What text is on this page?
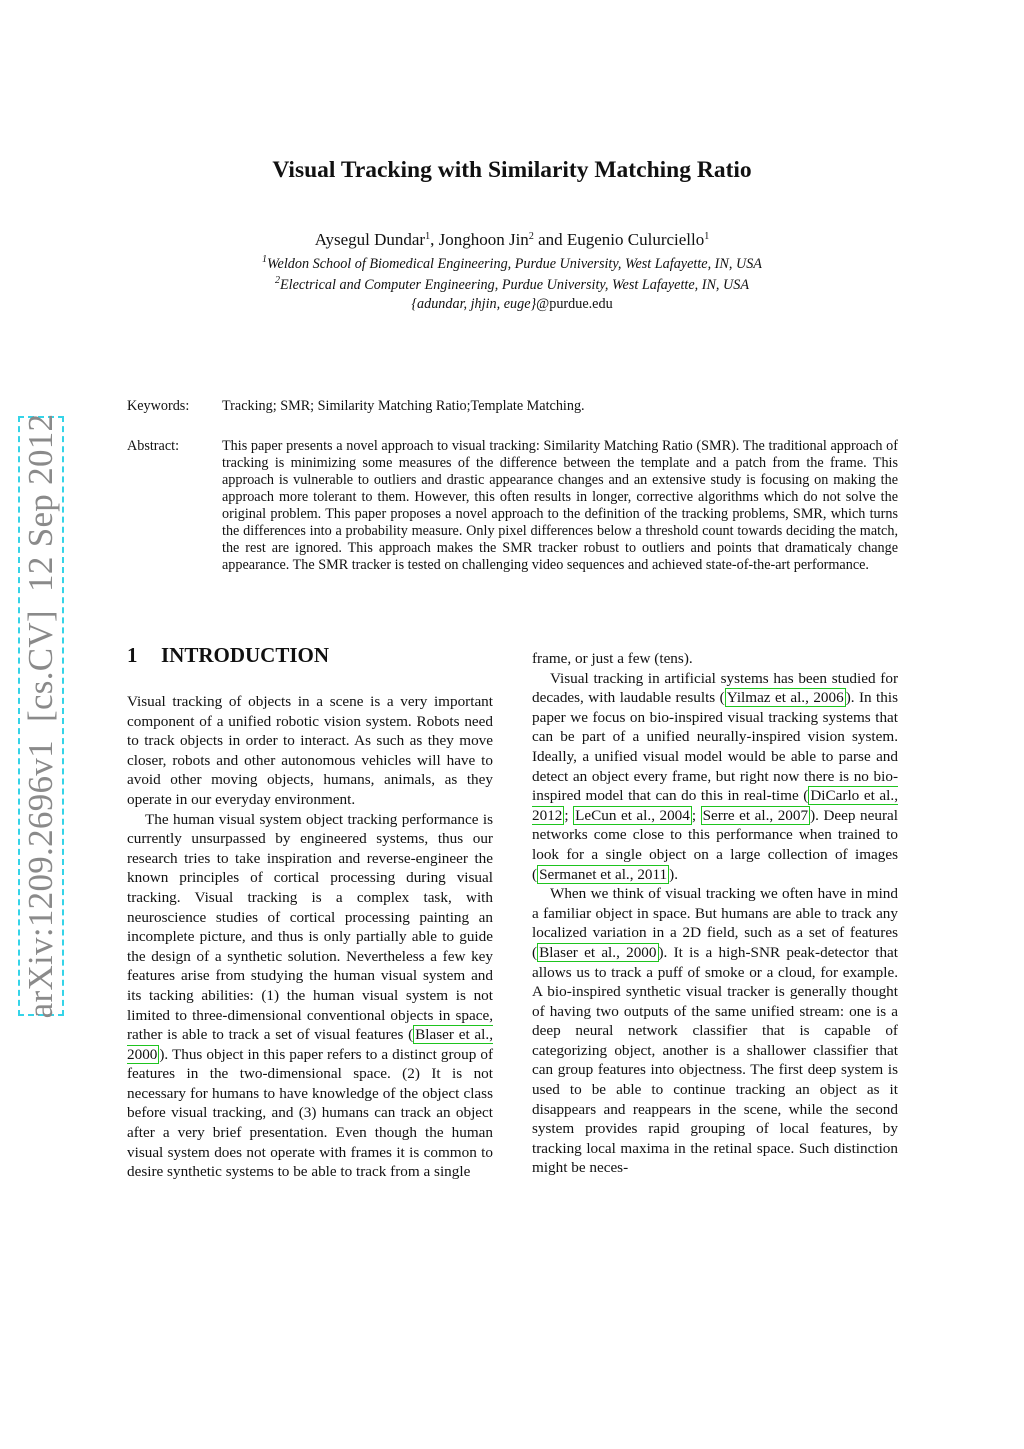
Visual Tracking with Similarity Matching Ratio
Aysegul Dundar$^1$, Jonghoon Jin$^2$ and Eugenio Culurciello$^1$
$^1$Weldon School of Biomedical Engineering, Purdue University, West Lafayette, IN, USA
$^2$Electrical and Computer Engineering, Purdue University, West Lafayette, IN, USA
{adundar, jhjin, euge}@purdue.edu
Keywords: Tracking; SMR; Similarity Matching Ratio;Template Matching.
Abstract:	This paper presents a novel approach to visual tracking: Similarity Matching Ratio (SMR). The traditional approach of tracking is minimizing some measures of the difference between the template and a patch from the frame. This approach is vulnerable to outliers and drastic appearance changes and an extensive study is focusing on making the approach more tolerant to them. However, this often results in longer, corrective algorithms which do not solve the original problem. This paper proposes a novel approach to the definition of the tracking problems, SMR, which turns the differences into a probability measure. Only pixel differences below a threshold count towards deciding the match, the rest are ignored. This approach makes the SMR tracker robust to outliers and points that dramaticaly change appearance. The SMR tracker is tested on challenging video sequences and achieved state-of-the-art performance.
arXiv:1209.2696v1  [cs.CV]  12 Sep 2012	1 INTRODUCTION

Visual tracking of objects in a scene is a very important component of a unified robotic vision system. Robots need to track objects in order to interact. As such as they move closer, robots and other autonomous vehicles will have to avoid other moving objects, humans, animals, as they operate in our everyday environment.

The human visual system object tracking performance is currently unsurpassed by engineered systems, thus our research tries to take inspiration and reverse-engineer the known principles of cortical processing during visual tracking. Visual tracking is a complex task, with neuroscience studies of cortical processing painting an incomplete picture, and thus is only partially able to guide the design of a synthetic solution. Nevertheless a few key features arise from studying the human visual system and its tacking abilities: (1) the human visual system is not limited to three-dimensional conventional objects in space, rather is able to track a set of visual features ( Blaser et al., 2000 ). Thus object in this paper refers to a distinct group of features in the two-dimensional space. (2) It is not necessary for humans to have knowledge of the object class before visual tracking, and (3) humans can track an object after a very brief presentation. Even though the human visual system does not operate with frames it is common to desire synthetic systems to be able to track from a single

frame, or just a few (tens).

Visual tracking in artificial systems has been studied for decades, with laudable results ( Yilmaz et al., 2006 ). In this paper we focus on bio-inspired visual tracking systems that can be part of a unified neurally-inspired vision system. Ideally, a unified visual model would be able to parse and detect an object every frame, but right now there is no bio-inspired model that can do this in real-time ( DiCarlo et al., 2012 ; LeCun et al., 2004 ; Serre et al., 2007 ). Deep neural networks come close to this performance when trained to look for a single object on a large collection of images ( Sermanet et al., 2011 ).

When we think of visual tracking we often have in mind a familiar object in space. But humans are able to track any localized variation in a 2D field, such as a set of features ( Blaser et al., 2000 ). It is a high-SNR peak-detector that allows us to track a puff of smoke or a cloud, for example. A bio-inspired synthetic visual tracker is generally thought of having two outputs of the same unified stream: one is a deep neural network classifier that is capable of categorizing object, another is a shallower classifier that can group features into objectness. The first deep system is used to be able to continue tracking an object as it disappears and reappears in the scene, while the second system provides rapid grouping of local features, by tracking local maxima in the retinal space. Such distinction might be neces-
